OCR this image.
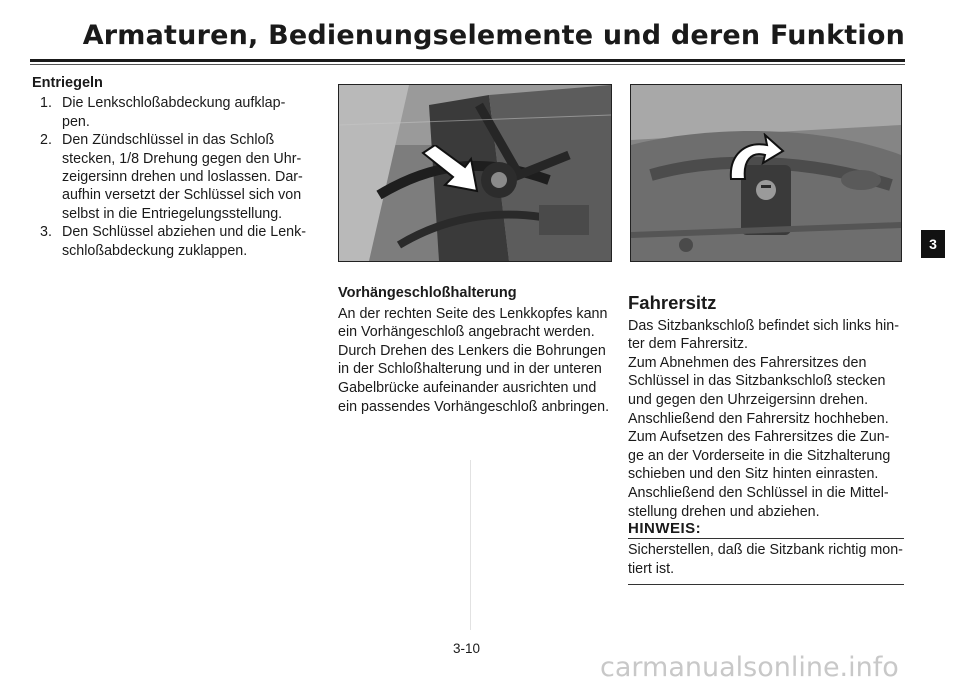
Armaturen, Bedienungselemente und deren Funktion
Entriegeln
1. Die Lenkschloßabdeckung aufklap-
pen.
2. Den Zündschlüssel in das Schloß
stecken, 1/8 Drehung gegen den Uhr-
zeigersinn drehen und loslassen. Dar-
aufhin versetzt der Schlüssel sich von
selbst in die Entriegelungsstellung.
3. Den Schlüssel abziehen und die Lenk-
schloßabdeckung zuklappen.	3
Vorhängeschloßhalterung
An der rechten Seite des Lenkkopfes kann
ein Vorhängeschloß angebracht werden.
Durch Drehen des Lenkers die Bohrungen
in der Schloßhalterung und in der unteren
Gabelbrücke aufeinander ausrichten und
ein passendes Vorhängeschloß anbringen.
Fahrersitz
Das Sitzbankschloß befindet sich links hin-
ter dem Fahrersitz.
Zum Abnehmen des Fahrersitzes den
Schlüssel in das Sitzbankschloß stecken
und gegen den Uhrzeigersinn drehen.
Anschließend den Fahrersitz hochheben.
Zum Aufsetzen des Fahrersitzes die Zun-
ge an der Vorderseite in die Sitzhalterung
schieben und den Sitz hinten einrasten.
Anschließend den Schlüssel in die Mittel-
stellung drehen und abziehen.
HINWEIS:
Sicherstellen, daß die Sitzbank richtig mon-
tiert ist.
3-10
carmanualsonline.info
